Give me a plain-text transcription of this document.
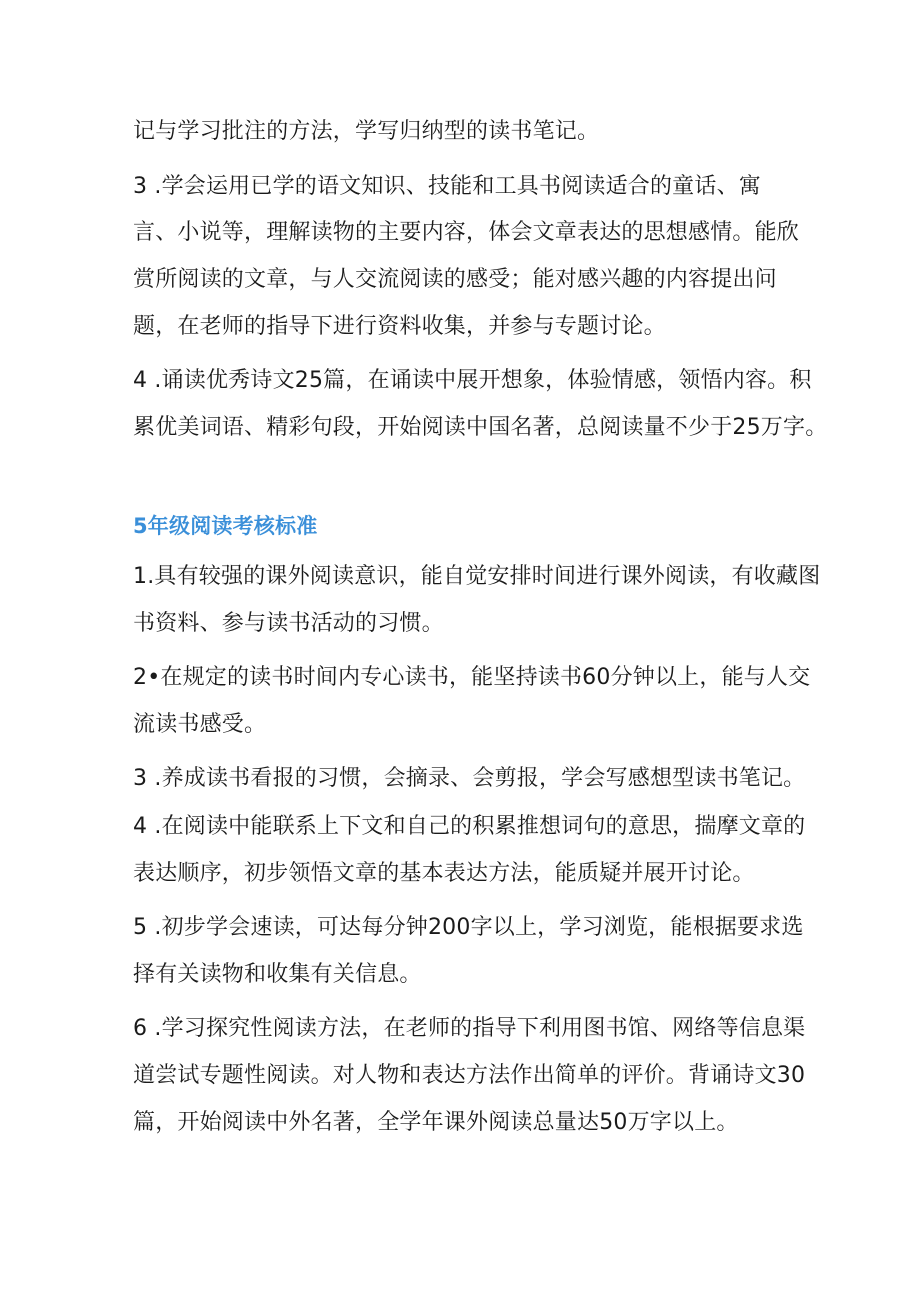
记与学习批注的方法，学写归纳型的读书笔记。
3 .学会运用已学的语文知识、技能和工具书阅读适合的童话、寓
言、小说等，理解读物的主要内容，体会文章表达的思想感情。能欣
赏所阅读的文章，与人交流阅读的感受；能对感兴趣的内容提出问
题，在老师的指导下进行资料收集，并参与专题讨论。
4 .诵读优秀诗文25篇，在诵读中展开想象，体验情感，领悟内容。积
累优美词语、精彩句段，开始阅读中国名著，总阅读量不少于25万字。
5年级阅读考核标准
1.具有较强的课外阅读意识，能自觉安排时间进行课外阅读，有收藏图
书资料、参与读书活动的习惯。
2•在规定的读书时间内专心读书，能坚持读书60分钟以上，能与人交
流读书感受。
3 .养成读书看报的习惯，会摘录、会剪报，学会写感想型读书笔记。
4 .在阅读中能联系上下文和自己的积累推想词句的意思，揣摩文章的
表达顺序，初步领悟文章的基本表达方法，能质疑并展开讨论。
5 .初步学会速读，可达每分钟200字以上，学习浏览，能根据要求选
择有关读物和收集有关信息。
6 .学习探究性阅读方法，在老师的指导下利用图书馆、网络等信息渠
道尝试专题性阅读。对人物和表达方法作出简单的评价。背诵诗文30
篇，开始阅读中外名著，全学年课外阅读总量达50万字以上。
